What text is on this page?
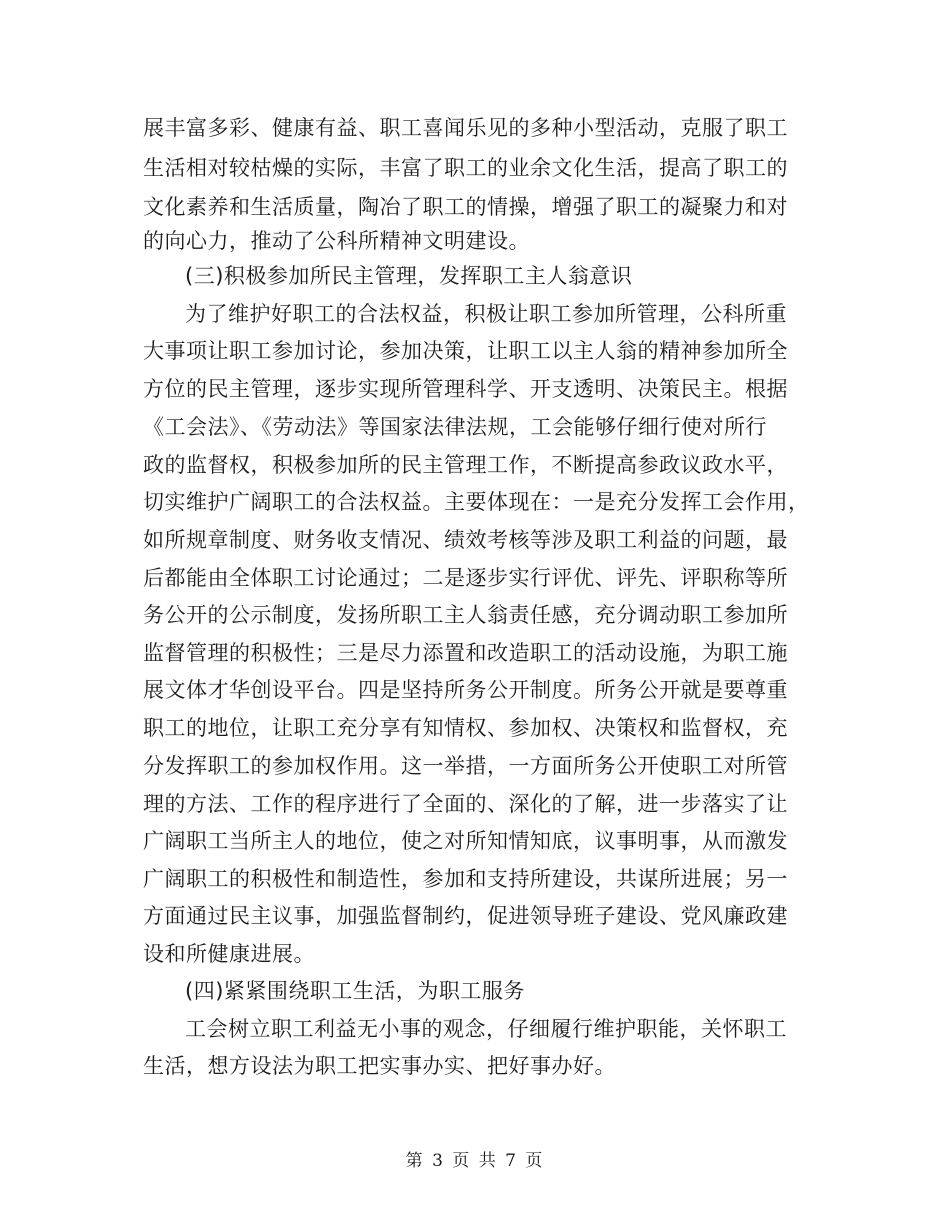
展丰富多彩、健康有益、职工喜闻乐见的多种小型活动，克服了职工
生活相对较枯燥的实际，丰富了职工的业余文化生活，提高了职工的
文化素养和生活质量，陶冶了职工的情操，增强了职工的凝聚力和对
的向心力，推动了公科所精神文明建设。
(三)积极参加所民主管理，发挥职工主人翁意识
为了维护好职工的合法权益，积极让职工参加所管理，公科所重
大事项让职工参加讨论，参加决策，让职工以主人翁的精神参加所全
方位的民主管理，逐步实现所管理科学、开支透明、决策民主。根据
《工会法》、《劳动法》等国家法律法规，工会能够仔细行使对所行
政的监督权，积极参加所的民主管理工作，不断提高参政议政水平，
切实维护广阔职工的合法权益。主要体现在：一是充分发挥工会作用，
如所规章制度、财务收支情况、绩效考核等涉及职工利益的问题，最
后都能由全体职工讨论通过；二是逐步实行评优、评先、评职称等所
务公开的公示制度，发扬所职工主人翁责任感，充分调动职工参加所
监督管理的积极性；三是尽力添置和改造职工的活动设施，为职工施
展文体才华创设平台。四是坚持所务公开制度。所务公开就是要尊重
职工的地位，让职工充分享有知情权、参加权、决策权和监督权，充
分发挥职工的参加权作用。这一举措，一方面所务公开使职工对所管
理的方法、工作的程序进行了全面的、深化的了解，进一步落实了让
广阔职工当所主人的地位，使之对所知情知底，议事明事，从而激发
广阔职工的积极性和制造性，参加和支持所建设，共谋所进展；另一
方面通过民主议事，加强监督制约，促进领导班子建设、党风廉政建
设和所健康进展。
(四)紧紧围绕职工生活，为职工服务
工会树立职工利益无小事的观念，仔细履行维护职能，关怀职工
生活，想方设法为职工把实事办实、把好事办好。
第 3 页 共 7 页
